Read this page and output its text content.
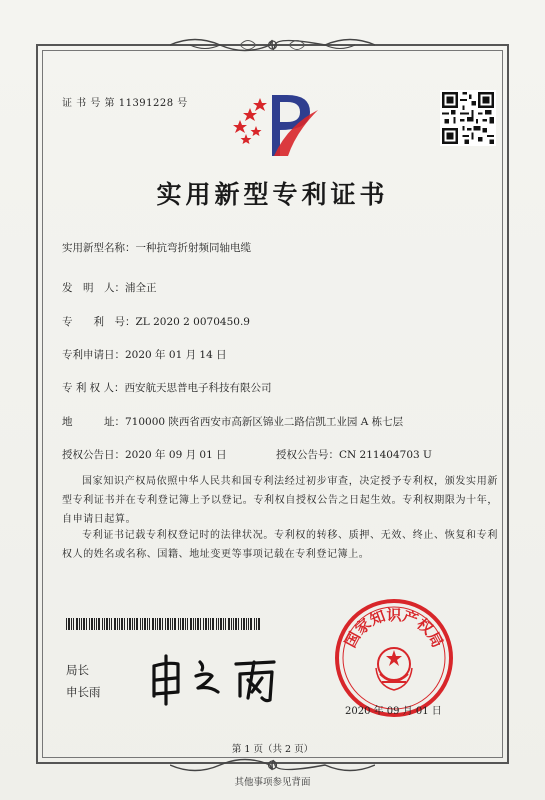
证 书 号 第 11391228 号
实用新型专利证书
实用新型名称：一种抗弯折射频同轴电缆
发　明　人：浦全正
专　　利　号：ZL 2020 2 0070450.9
专利申请日：2020 年 01 月 14 日
专 利 权 人：西安航天思普电子科技有限公司
地　　　址：710000 陕西省西安市高新区锦业二路信凯工业园 A 栋七层
授权公告日：2020 年 09 月 01 日	授权公告号：CN 211404703 U
国家知识产权局依照中华人民共和国专利法经过初步审查，决定授予专利权，颁发实用新型专利证书并在专利登记簿上予以登记。专利权自授权公告之日起生效。专利权期限为十年，自申请日起算。
专利证书记载专利权登记时的法律状况。专利权的转移、质押、无效、终止、恢复和专利权人的姓名或名称、国籍、地址变更等事项记载在专利登记簿上。
局长
申长雨
国家知识产权局
2020 年 09 月 01 日
第 1 页（共 2 页）
其他事项参见背面
